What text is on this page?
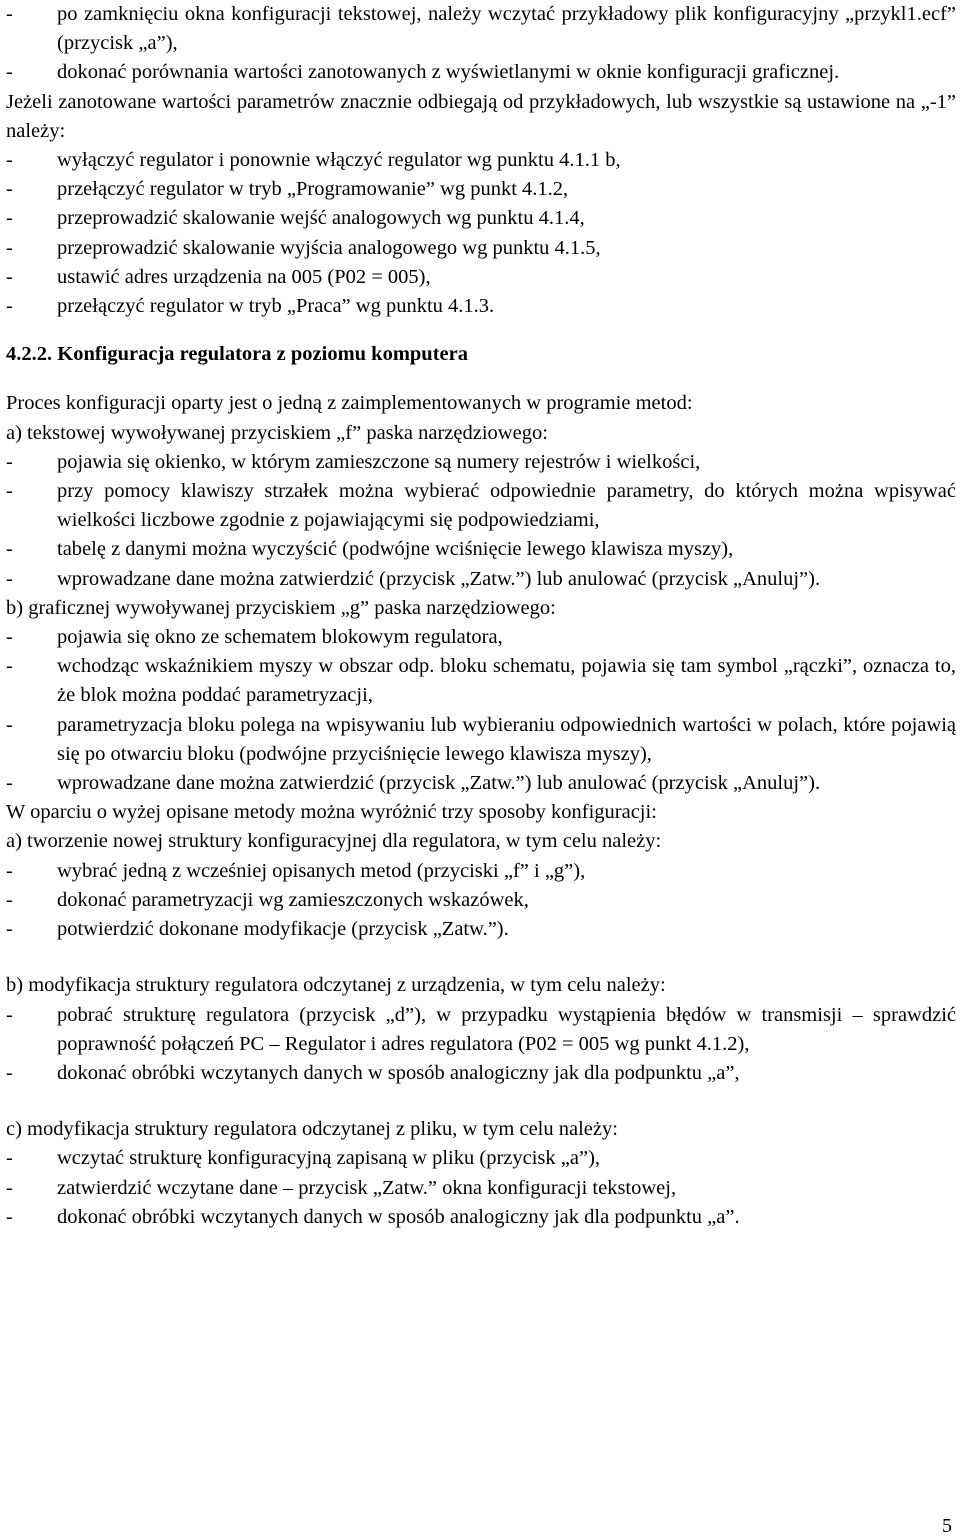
- po zamknięciu okna konfiguracji tekstowej, należy wczytać przykładowy plik konfiguracyjny „przykl1.ecf” (przycisk „a”),
- dokonać porównania wartości zanotowanych z wyświetlanymi w oknie konfiguracji graficznej.
Jeżeli zanotowane wartości parametrów znacznie odbiegają od przykładowych, lub wszystkie są ustawione na „-1” należy:
- wyłączyć regulator i ponownie włączyć regulator wg punktu 4.1.1 b,
- przełączyć regulator w tryb „Programowanie” wg punkt 4.1.2,
- przeprowadzić skalowanie wejść analogowych wg punktu 4.1.4,
- przeprowadzić skalowanie wyjścia analogowego wg punktu 4.1.5,
- ustawić adres urządzenia na 005 (P02 = 005),
- przełączyć regulator w tryb „Praca” wg punktu 4.1.3.
4.2.2. Konfiguracja regulatora z poziomu komputera
Proces konfiguracji oparty jest o jedną z zaimplementowanych w programie metod:
a) tekstowej wywoływanej przyciskiem „f” paska narzędziowego:
- pojawia się okienko, w którym zamieszczone są numery rejestrów i wielkości,
- przy pomocy klawiszy strzałek można wybierać odpowiednie parametry, do których można wpisywać wielkości liczbowe zgodnie z pojawiającymi się podpowiedziami,
- tabelę z danymi można wyczyścić (podwójne wciśnięcie lewego klawisza myszy),
- wprowadzane dane można zatwierdzić (przycisk „Zatw.”) lub anulować (przycisk „Anuluj”).
b) graficznej wywoływanej przyciskiem „g” paska narzędziowego:
- pojawia się okno ze schematem blokowym regulatora,
- wchodząc wskaźnikiem myszy w obszar odp. bloku schematu, pojawia się tam symbol „rączki”, oznacza to, że blok można poddać parametryzacji,
- parametryzacja bloku polega na wpisywaniu lub wybieraniu odpowiednich wartości w polach, które pojawią się po otwarciu bloku (podwójne przyciśnięcie lewego klawisza myszy),
- wprowadzane dane można zatwierdzić (przycisk „Zatw.”) lub anulować (przycisk „Anuluj”).
W oparciu o wyżej opisane metody można wyróżnić trzy sposoby konfiguracji:
a) tworzenie nowej struktury konfiguracyjnej dla regulatora, w tym celu należy:
- wybrać jedną z wcześniej opisanych metod (przyciski „f” i „g”),
- dokonać parametryzacji wg zamieszczonych wskazówek,
- potwierdzić dokonane modyfikacje (przycisk „Zatw.”).
b) modyfikacja struktury regulatora odczytanej z urządzenia, w tym celu należy:
- pobrać strukturę regulatora (przycisk „d”), w przypadku wystąpienia błędów w transmisji – sprawdzić poprawność połączeń PC – Regulator i adres regulatora (P02 = 005 wg punkt 4.1.2),
- dokonać obróbki wczytanych danych w sposób analogiczny jak dla podpunktu „a”,
c) modyfikacja struktury regulatora odczytanej z pliku, w tym celu należy:
- wczytać strukturę konfiguracyjną zapisaną w pliku (przycisk „a”),
- zatwierdzić wczytane dane – przycisk „Zatw.” okna konfiguracji tekstowej,
- dokonać obróbki wczytanych danych w sposób analogiczny jak dla podpunktu „a”.
5
